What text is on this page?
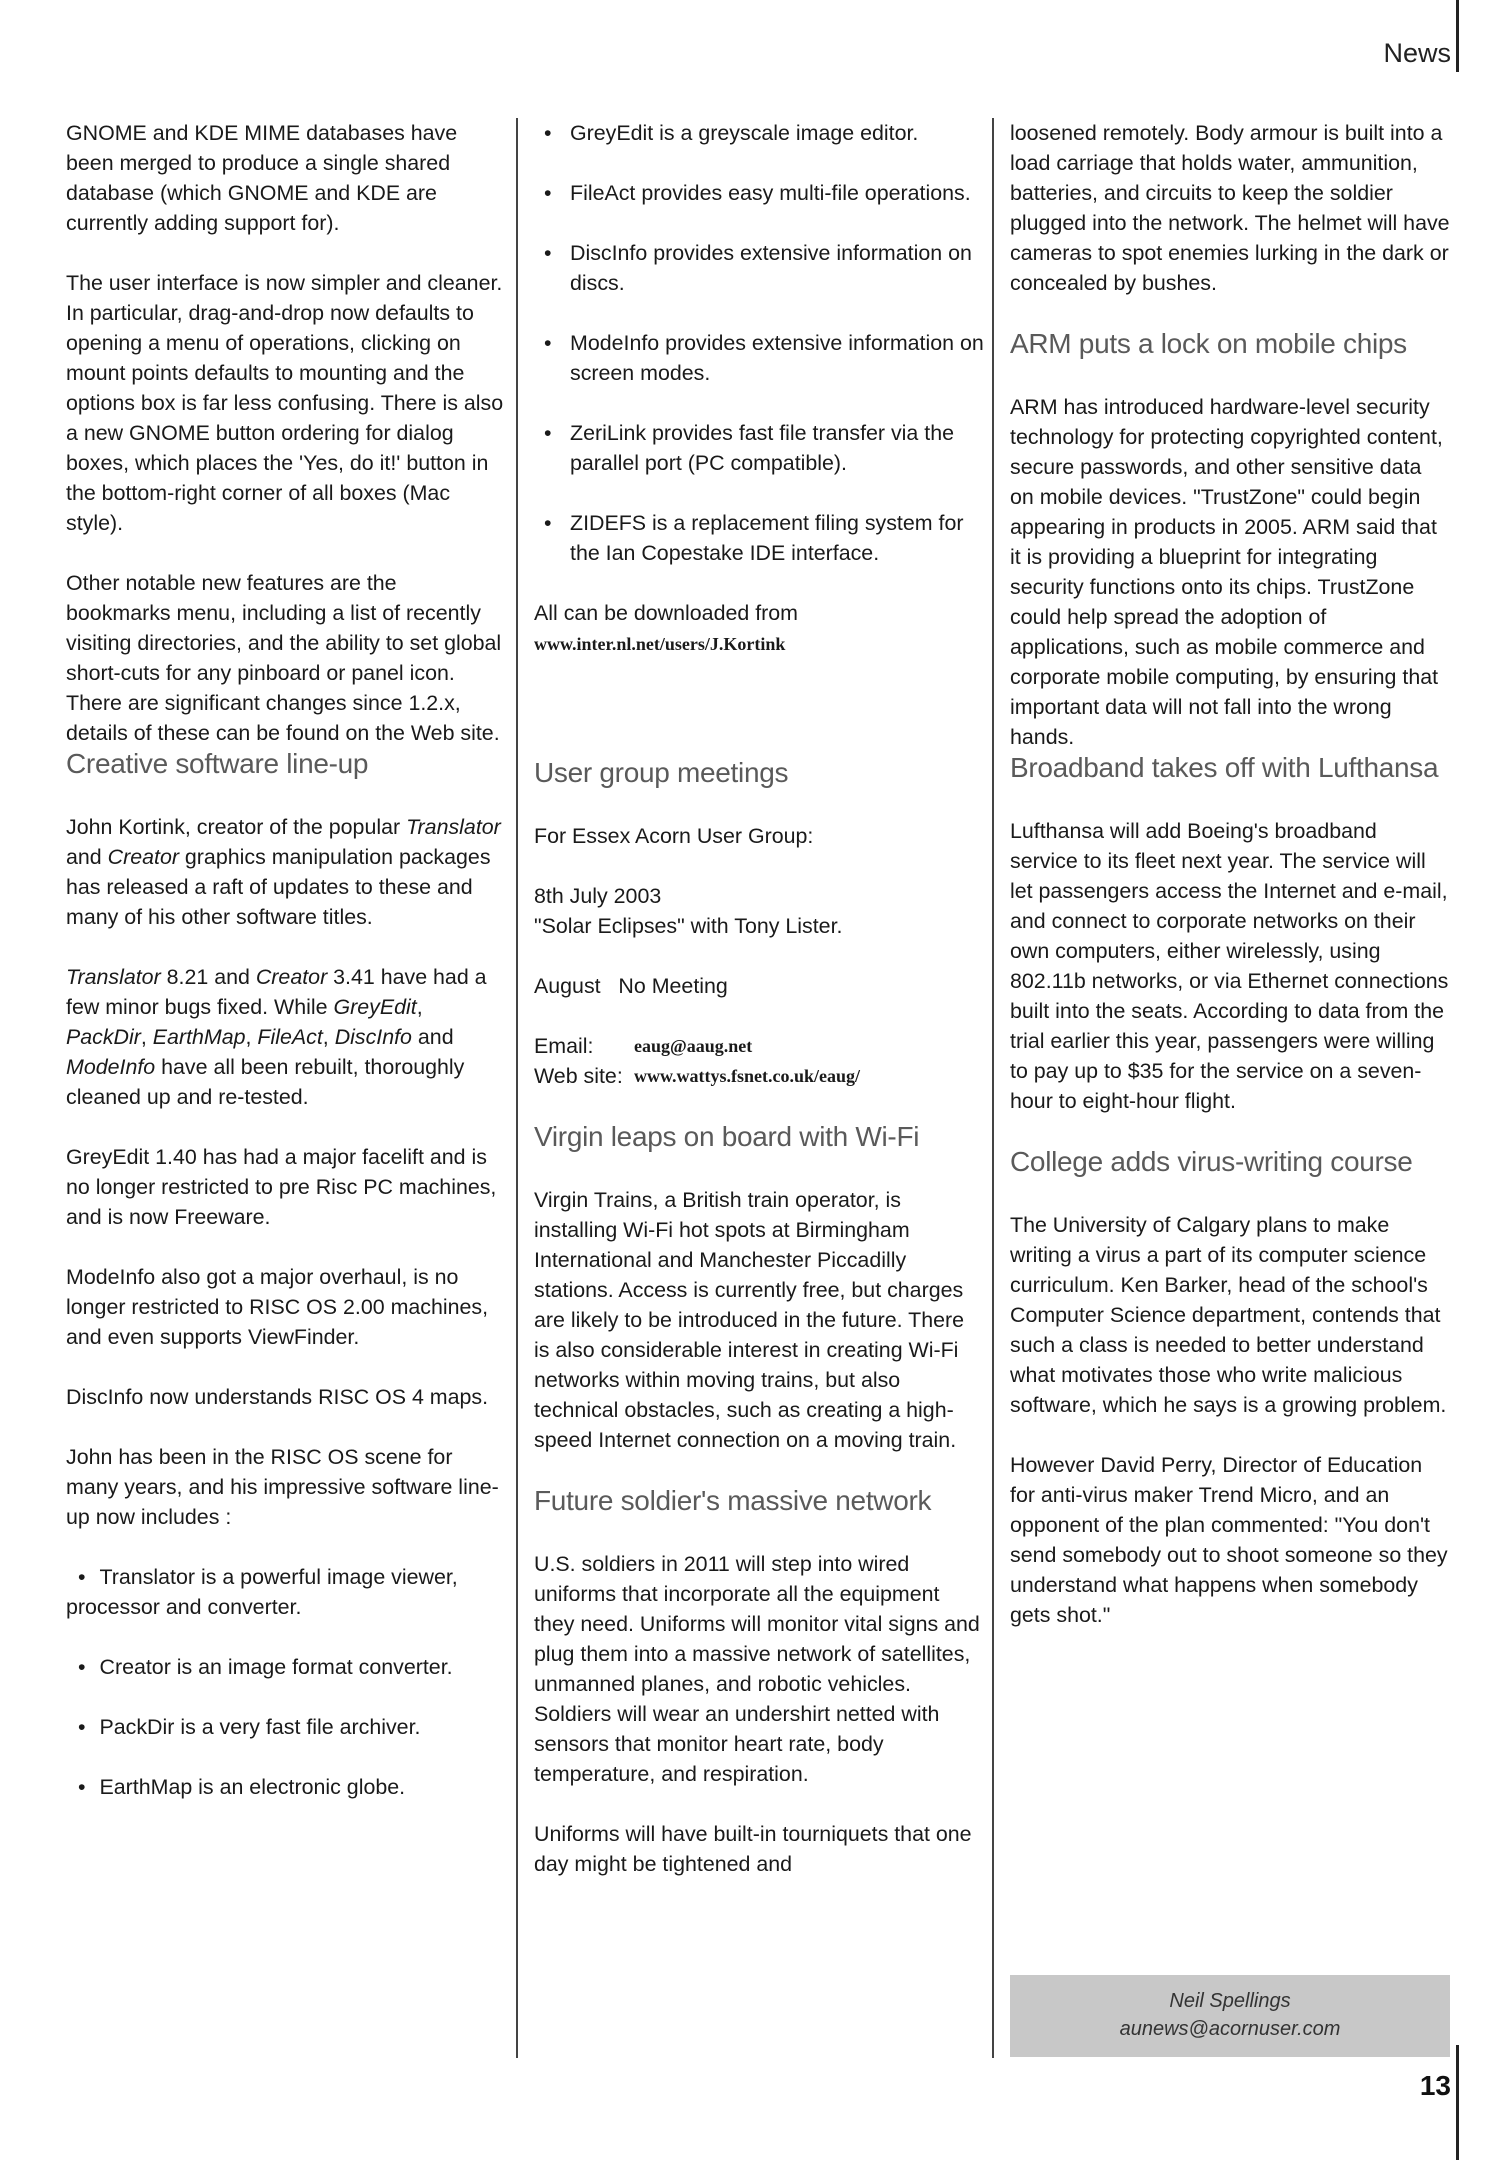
News

GNOME and KDE MIME databases have been merged to produce a single shared database (which GNOME and KDE are currently adding support for).

The user interface is now simpler and cleaner. In particular, drag-and-drop now defaults to opening a menu of operations, clicking on mount points defaults to mounting and the options box is far less confusing. There is also a new GNOME button ordering for dialog boxes, which places the 'Yes, do it!' button in the bottom-right corner of all boxes (Mac style).

Other notable new features are the bookmarks menu, including a list of recently visiting directories, and the ability to set global short-cuts for any pinboard or panel icon. There are significant changes since 1.2.x, details of these can be found on the Web site.

Creative software line-up

John Kortink, creator of the popular Translator and Creator graphics manipulation packages has released a raft of updates to these and many of his other software titles.

Translator 8.21 and Creator 3.41 have had a few minor bugs fixed. While GreyEdit, PackDir, EarthMap, FileAct, DiscInfo and ModeInfo have all been rebuilt, thoroughly cleaned up and re-tested.

GreyEdit 1.40 has had a major facelift and is no longer restricted to pre Risc PC machines, and is now Freeware.

ModeInfo also got a major overhaul, is no longer restricted to RISC OS 2.00 machines, and even supports ViewFinder.

DiscInfo now understands RISC OS 4 maps.

John has been in the RISC OS scene for many years, and his impressive software line-up now includes :

• Translator is a powerful image viewer, processor and converter.
• Creator is an image format converter.
• PackDir is a very fast file archiver.
• EarthMap is an electronic globe.
• GreyEdit is a greyscale image editor.
• FileAct provides easy multi-file operations.
• DiscInfo provides extensive information on discs.
• ModeInfo provides extensive information on screen modes.
• ZeriLink provides fast file transfer via the parallel port (PC compatible).
• ZIDEFS is a replacement filing system for the Ian Copestake IDE interface.

All can be downloaded from
www.inter.nl.net/users/J.Kortink

User group meetings

For Essex Acorn User Group:

8th July 2003
"Solar Eclipses" with Tony Lister.

August   No Meeting

Email:	eaug@aaug.net
Web site: www.wattys.fsnet.co.uk/eaug/
Virgin leaps on board with Wi-Fi

Virgin Trains, a British train operator, is installing Wi-Fi hot spots at Birmingham International and Manchester Piccadilly stations. Access is currently free, but charges are likely to be introduced in the future. There is also considerable interest in creating Wi-Fi networks within moving trains, but also technical obstacles, such as creating a high-speed Internet connection on a moving train.

Future soldier's massive network

U.S. soldiers in 2011 will step into wired uniforms that incorporate all the equipment they need. Uniforms will monitor vital signs and plug them into a massive network of satellites, unmanned planes, and robotic vehicles. Soldiers will wear an undershirt netted with sensors that monitor heart rate, body temperature, and respiration.

Uniforms will have built-in tourniquets that one day might be tightened and

loosened remotely. Body armour is built into a load carriage that holds water, ammunition, batteries, and circuits to keep the soldier plugged into the network. The helmet will have cameras to spot enemies lurking in the dark or concealed by bushes.

ARM puts a lock on mobile chips

ARM has introduced hardware-level security technology for protecting copyrighted content, secure passwords, and other sensitive data on mobile devices. "TrustZone" could begin appearing in products in 2005. ARM said that it is providing a blueprint for integrating security functions onto its chips. TrustZone could help spread the adoption of applications, such as mobile commerce and corporate mobile computing, by ensuring that important data will not fall into the wrong hands.

Broadband takes off with Lufthansa

Lufthansa will add Boeing's broadband service to its fleet next year. The service will let passengers access the Internet and e-mail, and connect to corporate networks on their own computers, either wirelessly, using 802.11b networks, or via Ethernet connections built into the seats. According to data from the trial earlier this year, passengers were willing to pay up to $35 for the service on a seven-hour to eight-hour flight.

College adds virus-writing course

The University of Calgary plans to make writing a virus a part of its computer science curriculum. Ken Barker, head of the school's Computer Science department, contends that such a class is needed to better understand what motivates those who write malicious software, which he says is a growing problem.

However David Perry, Director of Education for anti-virus maker Trend Micro, and an opponent of the plan commented: "You don't send somebody out to shoot someone so they understand what happens when somebody gets shot."

Neil Spellings
aunews@acornuser.com
13
